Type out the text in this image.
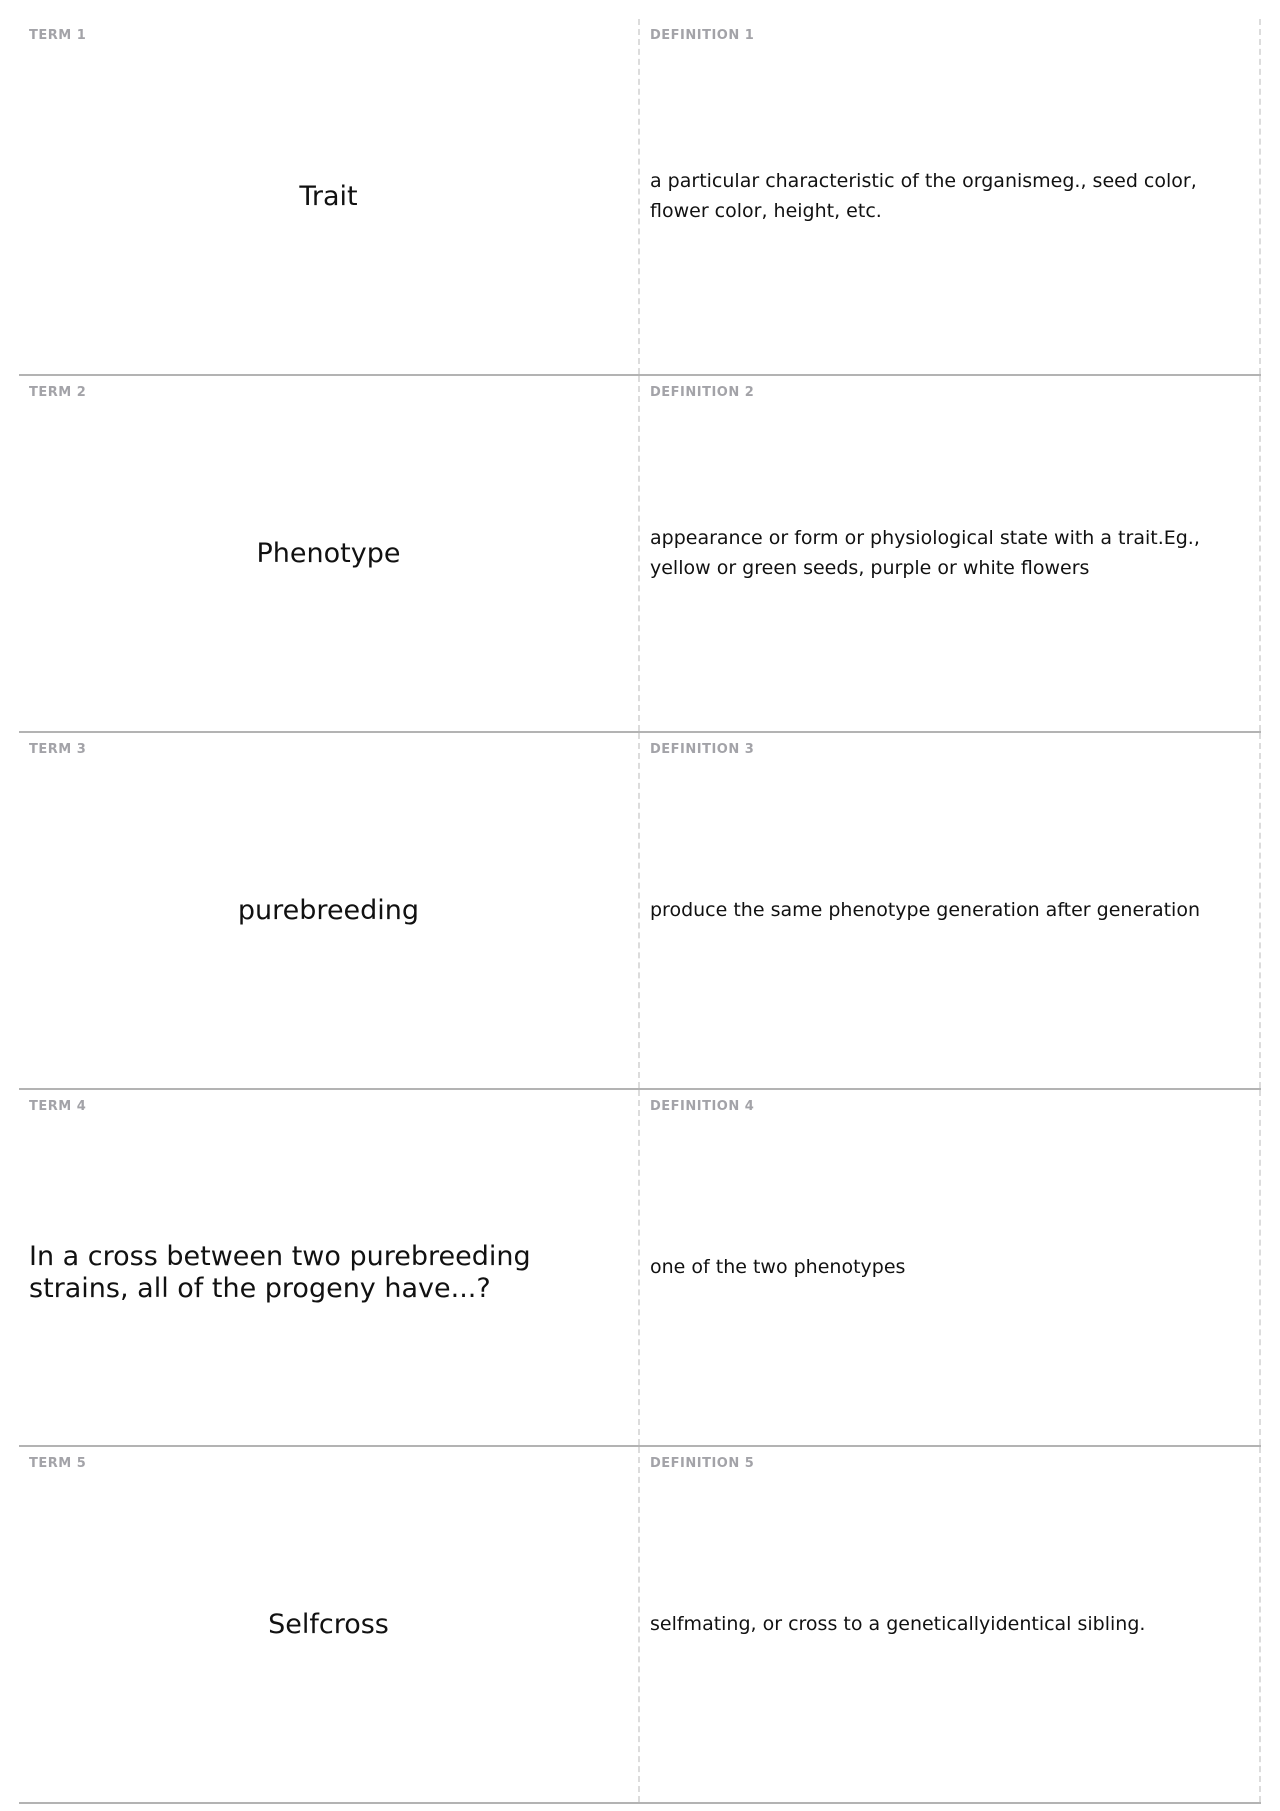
TERM 1
Trait
DEFINITION 1
a particular characteristic of the organismeg., seed color, flower color, height, etc.
TERM 2
Phenotype
DEFINITION 2
appearance or form or physiological state with a trait.Eg., yellow or green seeds, purple or white flowers
TERM 3
purebreeding
DEFINITION 3
produce the same phenotype generation after generation
TERM 4
In a cross between two purebreeding strains, all of the progeny have...?
DEFINITION 4
one of the two phenotypes
TERM 5
Selfcross
DEFINITION 5
selfmating, or cross to a geneticallyidentical sibling.
